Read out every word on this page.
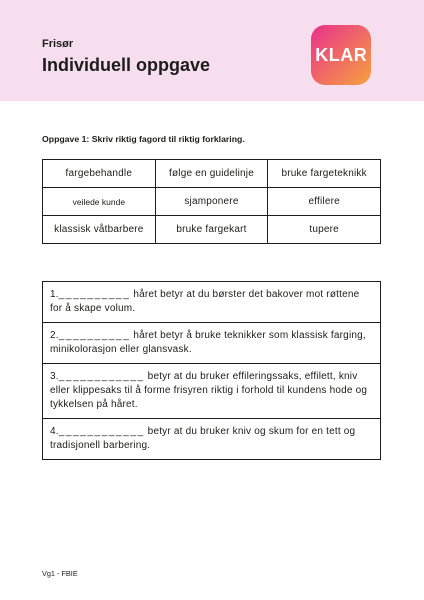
Frisør
Individuell oppgave	KLAR
Oppgave 1: Skriv riktig fagord til riktig forklaring.
fargebehandle	følge en guidelinje	bruke fargeteknikk
veilede kunde	sjamponere	effilere
klassisk våtbarbere	bruke fargekart	tupere
1.__________ håret betyr at du børster det bakover mot røttene for å skape volum.
2.__________ håret betyr å bruke teknikker som klassisk farging, minikolorasjon eller glansvask.
3.____________ betyr at du bruker effileringssaks, effilett, kniv eller klippesaks til å forme frisyren riktig i forhold til kundens hode og tykkelsen på håret.
4.____________ betyr at du bruker kniv og skum for en tett og tradisjonell barbering.
Vg1 - FBIE
